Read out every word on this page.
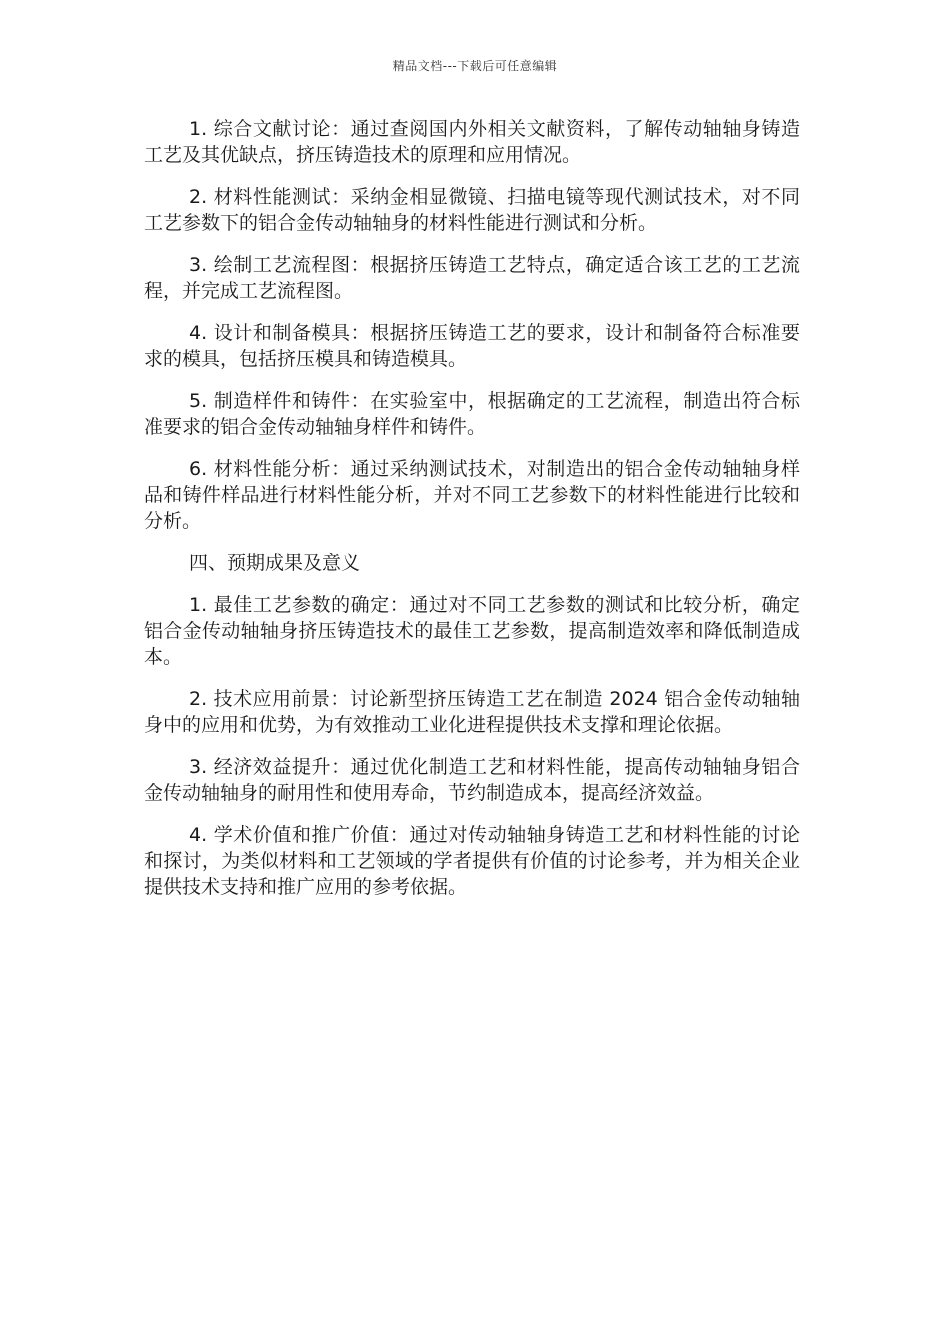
精品文档---下载后可任意编辑

1. 综合文献讨论：通过查阅国内外相关文献资料，了解传动轴轴身铸造工艺及其优缺点，挤压铸造技术的原理和应用情况。

2. 材料性能测试：采纳金相显微镜、扫描电镜等现代测试技术，对不同工艺参数下的铝合金传动轴轴身的材料性能进行测试和分析。

3. 绘制工艺流程图：根据挤压铸造工艺特点，确定适合该工艺的工艺流程，并完成工艺流程图。

4. 设计和制备模具：根据挤压铸造工艺的要求，设计和制备符合标准要求的模具，包括挤压模具和铸造模具。

5. 制造样件和铸件：在实验室中，根据确定的工艺流程，制造出符合标准要求的铝合金传动轴轴身样件和铸件。

6. 材料性能分析：通过采纳测试技术，对制造出的铝合金传动轴轴身样品和铸件样品进行材料性能分析，并对不同工艺参数下的材料性能进行比较和分析。

四、预期成果及意义

1. 最佳工艺参数的确定：通过对不同工艺参数的测试和比较分析，确定铝合金传动轴轴身挤压铸造技术的最佳工艺参数，提高制造效率和降低制造成本。

2. 技术应用前景：讨论新型挤压铸造工艺在制造 2024 铝合金传动轴轴身中的应用和优势，为有效推动工业化进程提供技术支撑和理论依据。

3. 经济效益提升：通过优化制造工艺和材料性能，提高传动轴轴身铝合金传动轴轴身的耐用性和使用寿命，节约制造成本，提高经济效益。

4. 学术价值和推广价值：通过对传动轴轴身铸造工艺和材料性能的讨论和探讨，为类似材料和工艺领域的学者提供有价值的讨论参考，并为相关企业提供技术支持和推广应用的参考依据。
